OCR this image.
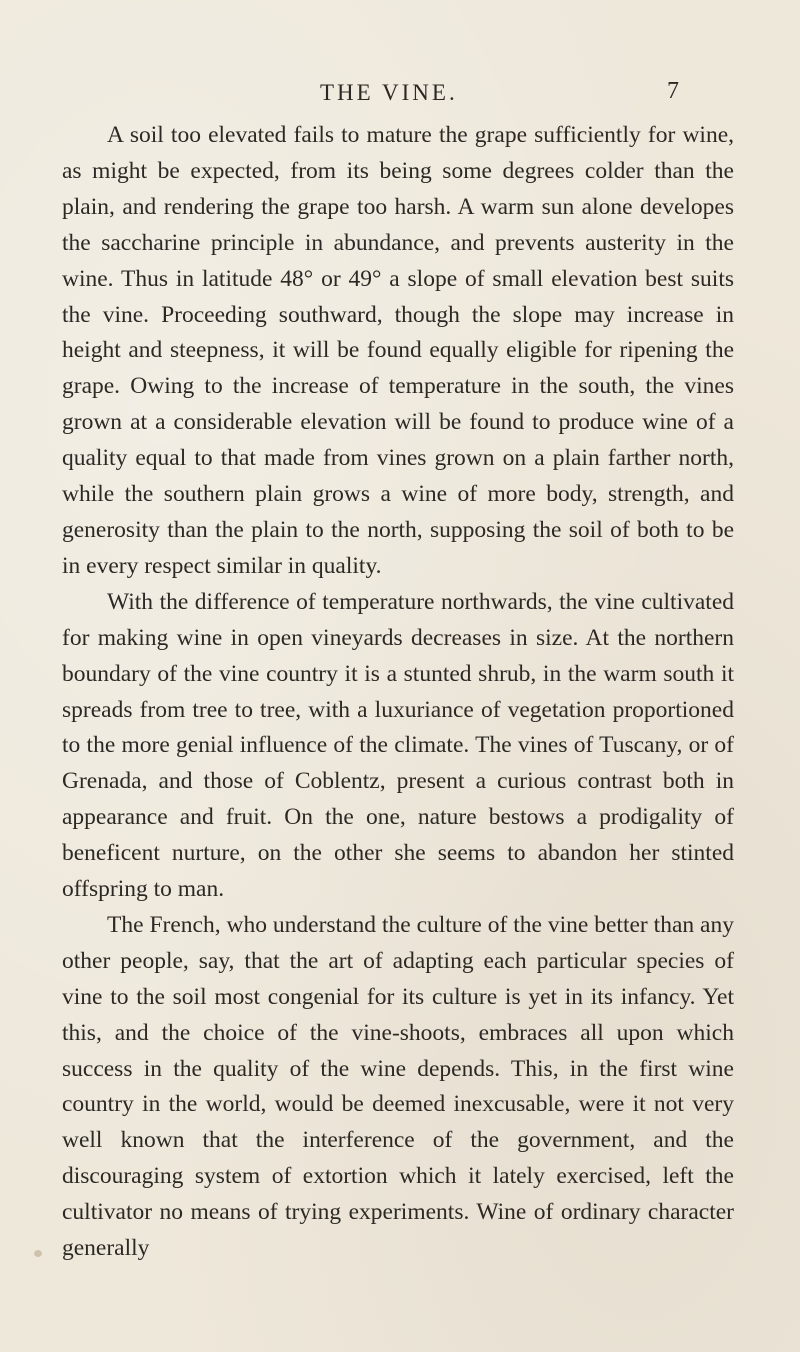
THE VINE.	7

A soil too elevated fails to mature the grape sufficiently for wine, as might be expected, from its being some degrees colder than the plain, and rendering the grape too harsh. A warm sun alone developes the saccharine principle in abundance, and prevents austerity in the wine. Thus in latitude 48° or 49° a slope of small elevation best suits the vine. Proceeding southward, though the slope may increase in height and steepness, it will be found equally eligible for ripening the grape. Owing to the increase of temperature in the south, the vines grown at a considerable elevation will be found to produce wine of a quality equal to that made from vines grown on a plain farther north, while the southern plain grows a wine of more body, strength, and generosity than the plain to the north, supposing the soil of both to be in every respect similar in quality.

With the difference of temperature northwards, the vine cultivated for making wine in open vineyards decreases in size. At the northern boundary of the vine country it is a stunted shrub, in the warm south it spreads from tree to tree, with a luxuriance of vegetation proportioned to the more genial influence of the climate. The vines of Tuscany, or of Grenada, and those of Coblentz, present a curious contrast both in appearance and fruit. On the one, nature bestows a prodigality of beneficent nurture, on the other she seems to abandon her stinted offspring to man.

The French, who understand the culture of the vine better than any other people, say, that the art of adapting each particular species of vine to the soil most congenial for its culture is yet in its infancy. Yet this, and the choice of the vine-shoots, embraces all upon which success in the quality of the wine depends. This, in the first wine country in the world, would be deemed inexcusable, were it not very well known that the interference of the government, and the discouraging system of extortion which it lately exercised, left the cultivator no means of trying experiments. Wine of ordinary character generally
